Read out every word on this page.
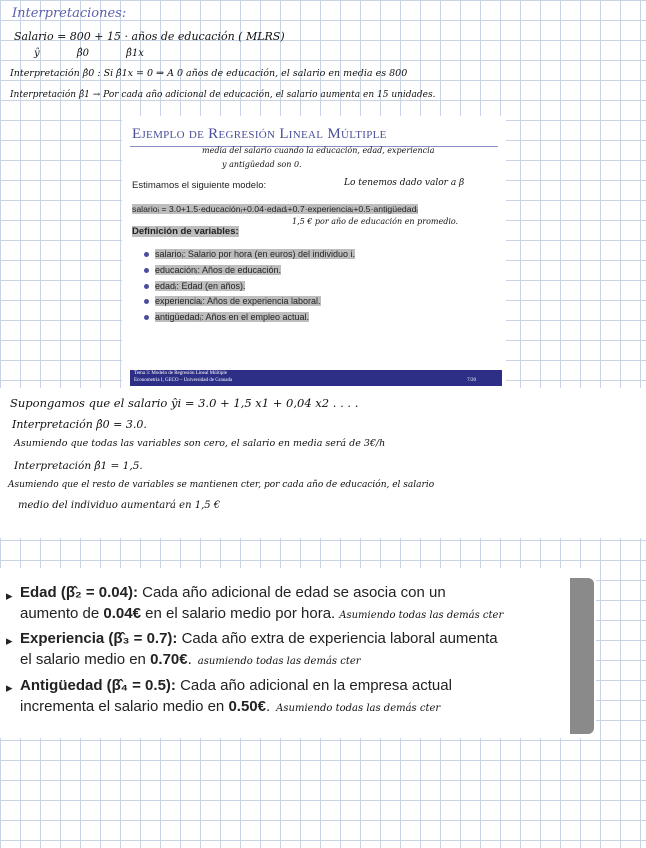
Interpretaciones:
Salario = 800 + 15 · años de educación ( MLRS)
ŷ β̂0 β̂1x
Interpretación β̂0 : Si β̂1x = 0 ⇒ A 0 años de educación, el salario en media es 800
Interpretación β̂1 → Por cada año adicional de educación, el salario aumenta en 15 unidades.
Ejemplo de Regresión Lineal Múltiple
Estimamos el siguiente modelo:
salarioᵢ = 3.0+1.5·educaciónᵢ+0.04·edadᵢ+0.7·experienciaᵢ+0.5·antigüedadᵢ
Definición de variables:
salarioᵢ: Salario por hora (en euros) del individuo i.
educaciónᵢ: Años de educación.
edadᵢ: Edad (en años).
experienciaᵢ: Años de experiencia laboral.
antigüedadᵢ: Años en el empleo actual.
Tema 3: Modelo de Regresión Lineal Múltiple
Econometría I, GECO – Universidad de Granada	7/20
media del salario cuando la educación, edad, experiencia
y antigüedad son 0.
Lo tenemos dado valor a β
1,5 € por año de educación en promedio.
Supongamos que el salario ŷi = 3.0 + 1,5 x1 + 0,04 x2 . . . .
Interpretación β̂0 = 3.0.
Asumiendo que todas las variables son cero, el salario en media será de 3€/h
Interpretación β̂1 = 1,5.
Asumiendo que el resto de variables se mantienen cter, por cada año de educación, el salario
medio del individuo aumentará en 1,5 €
▸ Edad (β̂₂ = 0.04): Cada año adicional de edad se asocia con un
aumento de 0.04€ en el salario medio por hora. Asumiendo todas las demás cter
▸ Experiencia (β̂₃ = 0.7): Cada año extra de experiencia laboral aumenta
el salario medio en 0.70€. asumiendo todas las demás cter
▸ Antigüedad (β̂₄ = 0.5): Cada año adicional en la empresa actual
incrementa el salario medio en 0.50€. Asumiendo todas las demás cter
